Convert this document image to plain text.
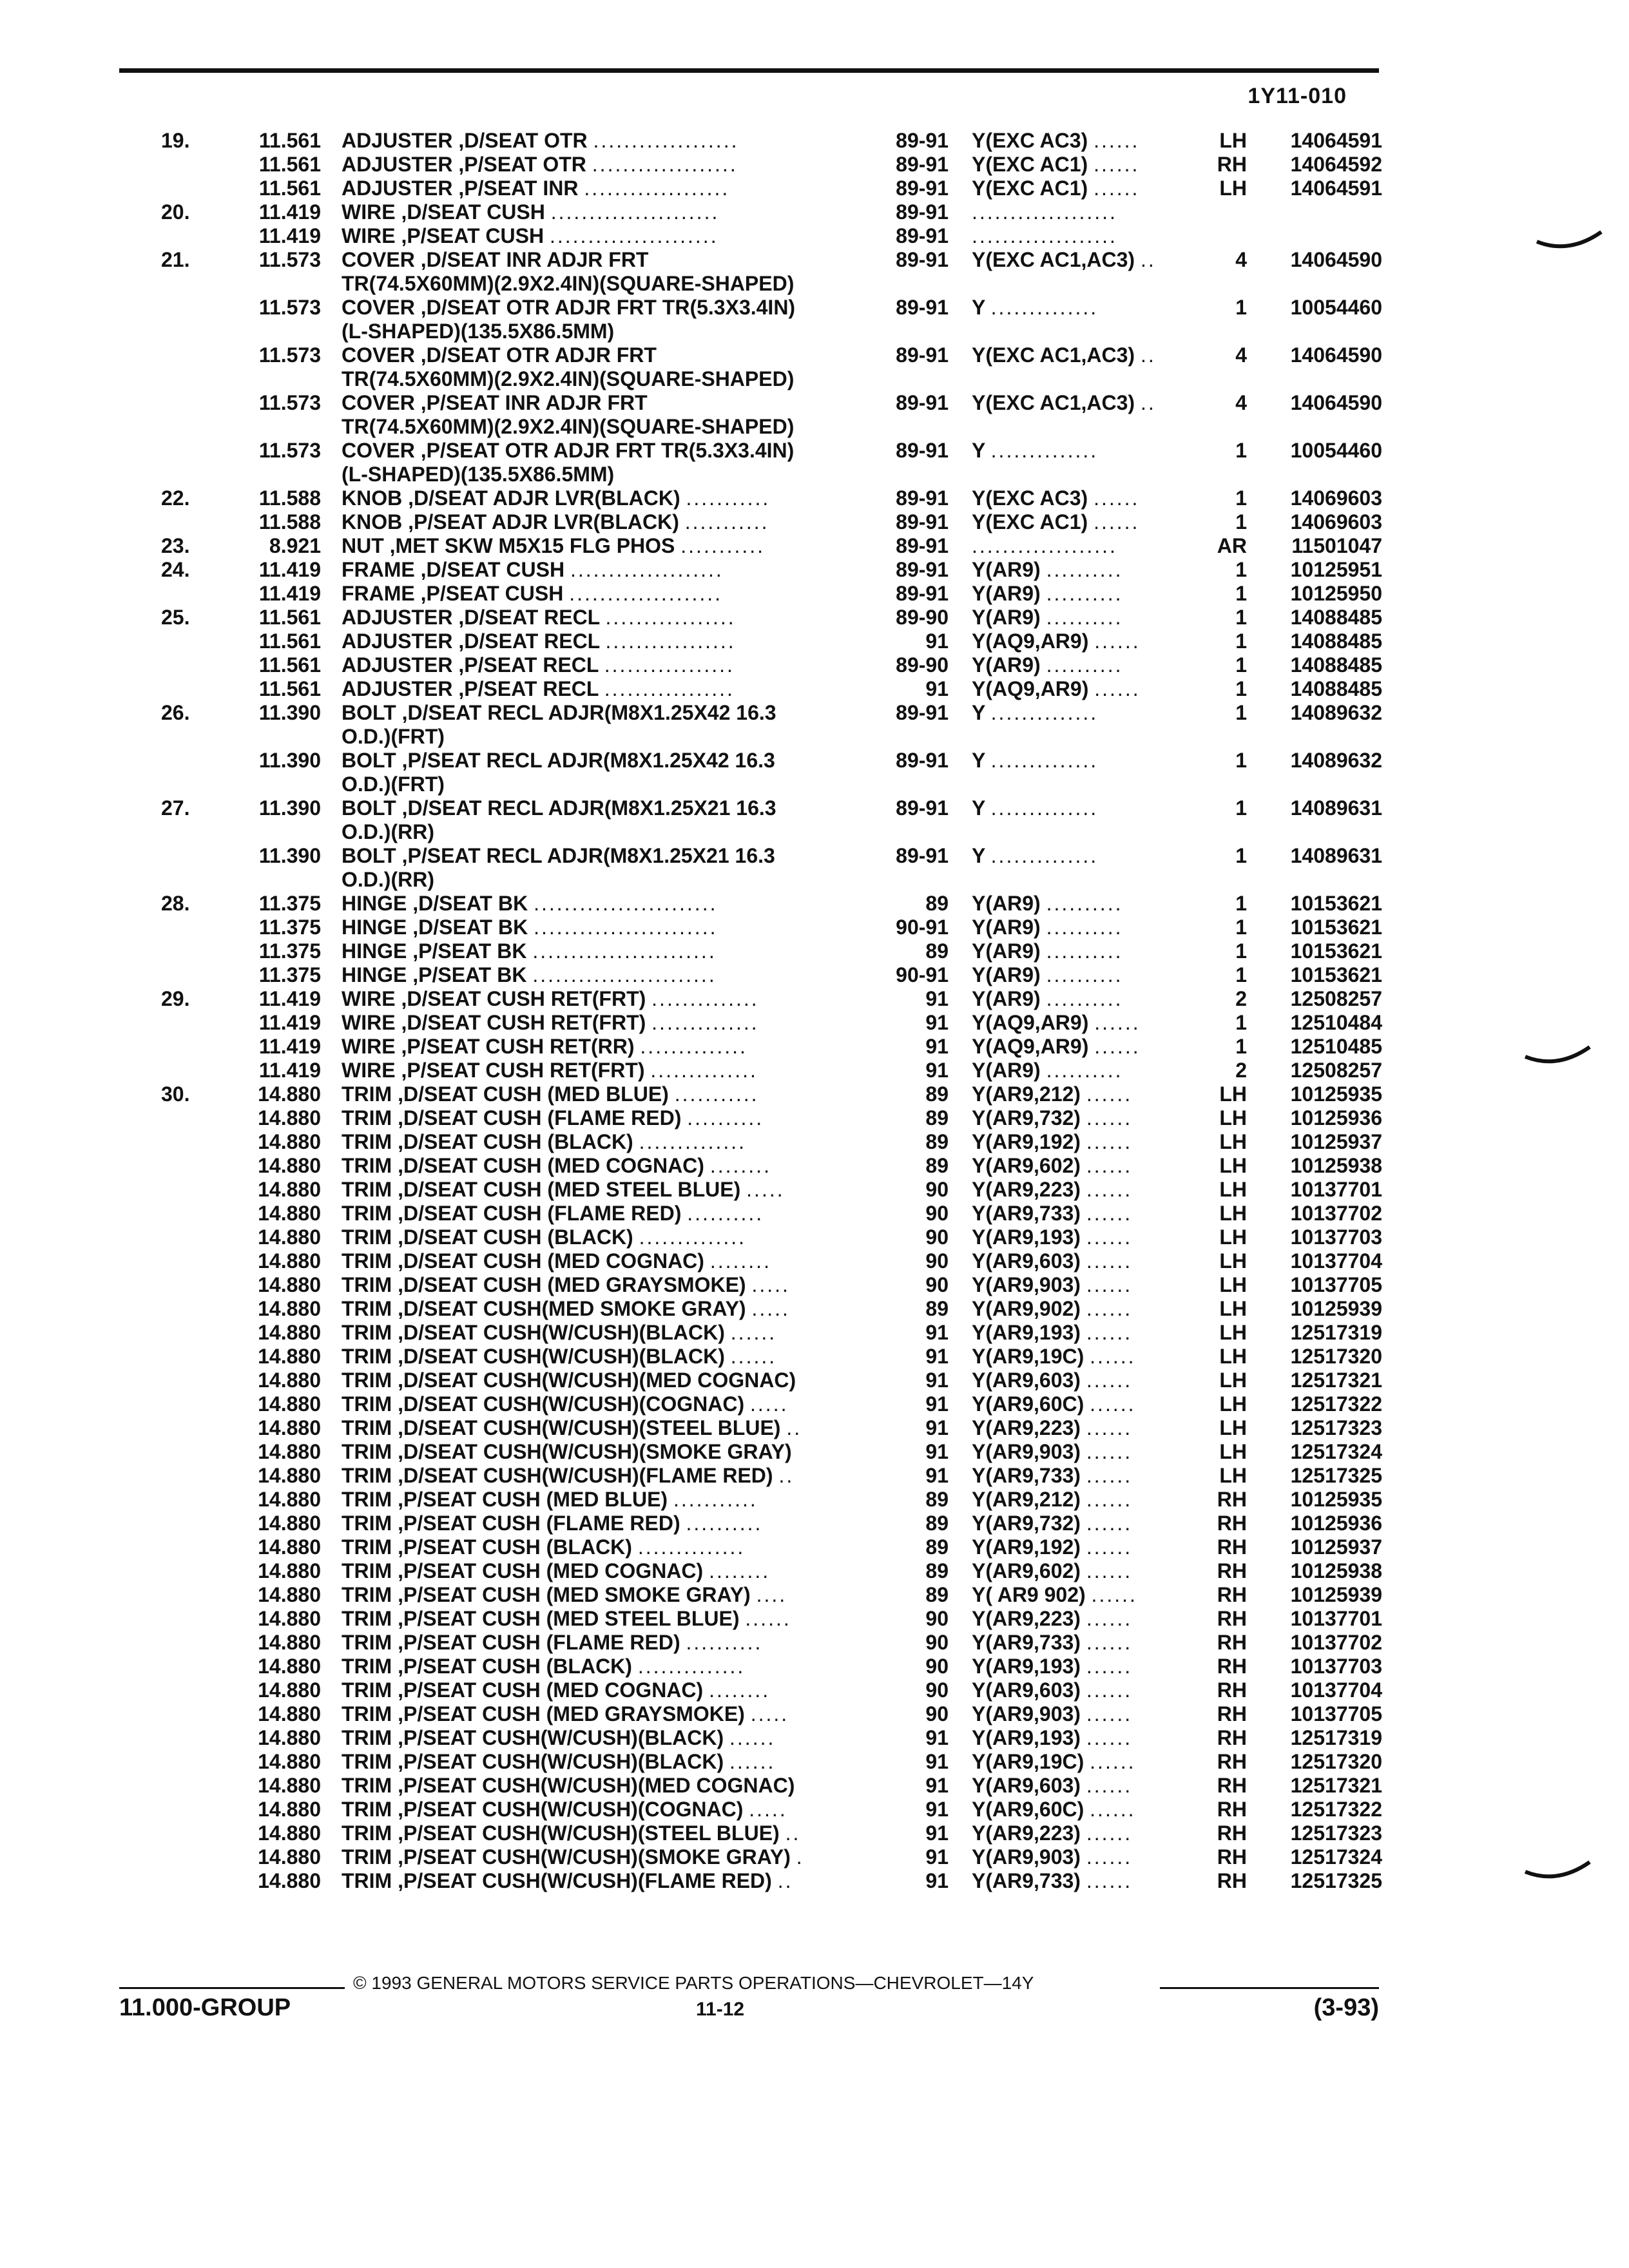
1Y11-010
19.	11.561 ADJUSTER ,D/SEAT OTR ...................	89-91 Y(EXC AC3) ......	LH	14064591
11.561 ADJUSTER ,P/SEAT OTR ...................	89-91 Y(EXC AC1) ......	RH	14064592
11.561 ADJUSTER ,P/SEAT INR ...................	89-91 Y(EXC AC1) ......	LH	14064591
20.	11.419 WIRE ,D/SEAT CUSH ......................	89-91 ...................
11.419 WIRE ,P/SEAT CUSH ......................	89-91 ...................
21.	11.573 COVER ,D/SEAT INR ADJR FRT	89-91 Y(EXC AC1,AC3) ..	4	14064590
TR(74.5X60MM)(2.9X2.4IN)(SQUARE-SHAPED)
11.573 COVER ,D/SEAT OTR ADJR FRT TR(5.3X3.4IN)	89-91 Y ..............	1	10054460
(L-SHAPED)(135.5X86.5MM)
11.573 COVER ,D/SEAT OTR ADJR FRT	89-91 Y(EXC AC1,AC3) ..	4	14064590
TR(74.5X60MM)(2.9X2.4IN)(SQUARE-SHAPED)
11.573 COVER ,P/SEAT INR ADJR FRT	89-91 Y(EXC AC1,AC3) ..	4	14064590
TR(74.5X60MM)(2.9X2.4IN)(SQUARE-SHAPED)
11.573 COVER ,P/SEAT OTR ADJR FRT TR(5.3X3.4IN)	89-91 Y ..............	1	10054460
(L-SHAPED)(135.5X86.5MM)
22.	11.588 KNOB ,D/SEAT ADJR LVR(BLACK) ...........	89-91 Y(EXC AC3) ......	1	14069603
11.588 KNOB ,P/SEAT ADJR LVR(BLACK) ...........	89-91 Y(EXC AC1) ......	1	14069603
23.	8.921 NUT ,MET SKW M5X15 FLG PHOS ...........	89-91 ...................	AR	11501047
24.	11.419 FRAME ,D/SEAT CUSH ....................	89-91 Y(AR9) ..........	1	10125951
11.419 FRAME ,P/SEAT CUSH ....................	89-91 Y(AR9) ..........	1	10125950
25.	11.561 ADJUSTER ,D/SEAT RECL .................	89-90 Y(AR9) ..........	1	14088485
11.561 ADJUSTER ,D/SEAT RECL .................	91 Y(AQ9,AR9) ......	1	14088485
11.561 ADJUSTER ,P/SEAT RECL .................	89-90 Y(AR9) ..........	1	14088485
11.561 ADJUSTER ,P/SEAT RECL .................	91 Y(AQ9,AR9) ......	1	14088485
26.	11.390 BOLT ,D/SEAT RECL ADJR(M8X1.25X42 16.3	89-91 Y ..............	1	14089632
O.D.)(FRT)
11.390 BOLT ,P/SEAT RECL ADJR(M8X1.25X42 16.3	89-91 Y ..............	1	14089632
O.D.)(FRT)
27.	11.390 BOLT ,D/SEAT RECL ADJR(M8X1.25X21 16.3	89-91 Y ..............	1	14089631
O.D.)(RR)
11.390 BOLT ,P/SEAT RECL ADJR(M8X1.25X21 16.3	89-91 Y ..............	1	14089631
O.D.)(RR)
28.	11.375 HINGE ,D/SEAT BK ........................	89 Y(AR9) ..........	1	10153621
11.375 HINGE ,D/SEAT BK ........................	90-91 Y(AR9) ..........	1	10153621
11.375 HINGE ,P/SEAT BK ........................	89 Y(AR9) ..........	1	10153621
11.375 HINGE ,P/SEAT BK ........................	90-91 Y(AR9) ..........	1	10153621
29.	11.419 WIRE ,D/SEAT CUSH RET(FRT) ..............	91 Y(AR9) ..........	2	12508257
11.419 WIRE ,D/SEAT CUSH RET(FRT) ..............	91 Y(AQ9,AR9) ......	1	12510484
11.419 WIRE ,P/SEAT CUSH RET(RR) ..............	91 Y(AQ9,AR9) ......	1	12510485
11.419 WIRE ,P/SEAT CUSH RET(FRT) ..............	91 Y(AR9) ..........	2	12508257
30.	14.880 TRIM ,D/SEAT CUSH (MED BLUE) ...........	89 Y(AR9,212) ......	LH	10125935
14.880 TRIM ,D/SEAT CUSH (FLAME RED) ..........	89 Y(AR9,732) ......	LH	10125936
14.880 TRIM ,D/SEAT CUSH (BLACK) ..............	89 Y(AR9,192) ......	LH	10125937
14.880 TRIM ,D/SEAT CUSH (MED COGNAC) ........	89 Y(AR9,602) ......	LH	10125938
14.880 TRIM ,D/SEAT CUSH (MED STEEL BLUE) .....	90 Y(AR9,223) ......	LH	10137701
14.880 TRIM ,D/SEAT CUSH (FLAME RED) ..........	90 Y(AR9,733) ......	LH	10137702
14.880 TRIM ,D/SEAT CUSH (BLACK) ..............	90 Y(AR9,193) ......	LH	10137703
14.880 TRIM ,D/SEAT CUSH (MED COGNAC) ........	90 Y(AR9,603) ......	LH	10137704
14.880 TRIM ,D/SEAT CUSH (MED GRAYSMOKE) .....	90 Y(AR9,903) ......	LH	10137705
14.880 TRIM ,D/SEAT CUSH(MED SMOKE GRAY) .....	89 Y(AR9,902) ......	LH	10125939
14.880 TRIM ,D/SEAT CUSH(W/CUSH)(BLACK) ......	91 Y(AR9,193) ......	LH	12517319
14.880 TRIM ,D/SEAT CUSH(W/CUSH)(BLACK) ......	91 Y(AR9,19C) ......	LH	12517320
14.880 TRIM ,D/SEAT CUSH(W/CUSH)(MED COGNAC)	91 Y(AR9,603) ......	LH	12517321
14.880 TRIM ,D/SEAT CUSH(W/CUSH)(COGNAC) .....	91 Y(AR9,60C) ......	LH	12517322
14.880 TRIM ,D/SEAT CUSH(W/CUSH)(STEEL BLUE) ..	91 Y(AR9,223) ......	LH	12517323
14.880 TRIM ,D/SEAT CUSH(W/CUSH)(SMOKE GRAY)	91 Y(AR9,903) ......	LH	12517324
14.880 TRIM ,D/SEAT CUSH(W/CUSH)(FLAME RED) ..	91 Y(AR9,733) ......	LH	12517325
14.880 TRIM ,P/SEAT CUSH (MED BLUE) ...........	89 Y(AR9,212) ......	RH	10125935
14.880 TRIM ,P/SEAT CUSH (FLAME RED) ..........	89 Y(AR9,732) ......	RH	10125936
14.880 TRIM ,P/SEAT CUSH (BLACK) ..............	89 Y(AR9,192) ......	RH	10125937
14.880 TRIM ,P/SEAT CUSH (MED COGNAC) ........	89 Y(AR9,602) ......	RH	10125938
14.880 TRIM ,P/SEAT CUSH (MED SMOKE GRAY) ....	89 Y( AR9 902) ......	RH	10125939
14.880 TRIM ,P/SEAT CUSH (MED STEEL BLUE) ......	90 Y(AR9,223) ......	RH	10137701
14.880 TRIM ,P/SEAT CUSH (FLAME RED) ..........	90 Y(AR9,733) ......	RH	10137702
14.880 TRIM ,P/SEAT CUSH (BLACK) ..............	90 Y(AR9,193) ......	RH	10137703
14.880 TRIM ,P/SEAT CUSH (MED COGNAC) ........	90 Y(AR9,603) ......	RH	10137704
14.880 TRIM ,P/SEAT CUSH (MED GRAYSMOKE) .....	90 Y(AR9,903) ......	RH	10137705
14.880 TRIM ,P/SEAT CUSH(W/CUSH)(BLACK) ......	91 Y(AR9,193) ......	RH	12517319
14.880 TRIM ,P/SEAT CUSH(W/CUSH)(BLACK) ......	91 Y(AR9,19C) ......	RH	12517320
14.880 TRIM ,P/SEAT CUSH(W/CUSH)(MED COGNAC)	91 Y(AR9,603) ......	RH	12517321
14.880 TRIM ,P/SEAT CUSH(W/CUSH)(COGNAC) .....	91 Y(AR9,60C) ......	RH	12517322
14.880 TRIM ,P/SEAT CUSH(W/CUSH)(STEEL BLUE) ..	91 Y(AR9,223) ......	RH	12517323
14.880 TRIM ,P/SEAT CUSH(W/CUSH)(SMOKE GRAY) .	91 Y(AR9,903) ......	RH	12517324
14.880 TRIM ,P/SEAT CUSH(W/CUSH)(FLAME RED) ..	91 Y(AR9,733) ......	RH	12517325
© 1993 GENERAL MOTORS SERVICE PARTS OPERATIONS—CHEVROLET—14Y
11.000-GROUP	11-12	(3-93)
